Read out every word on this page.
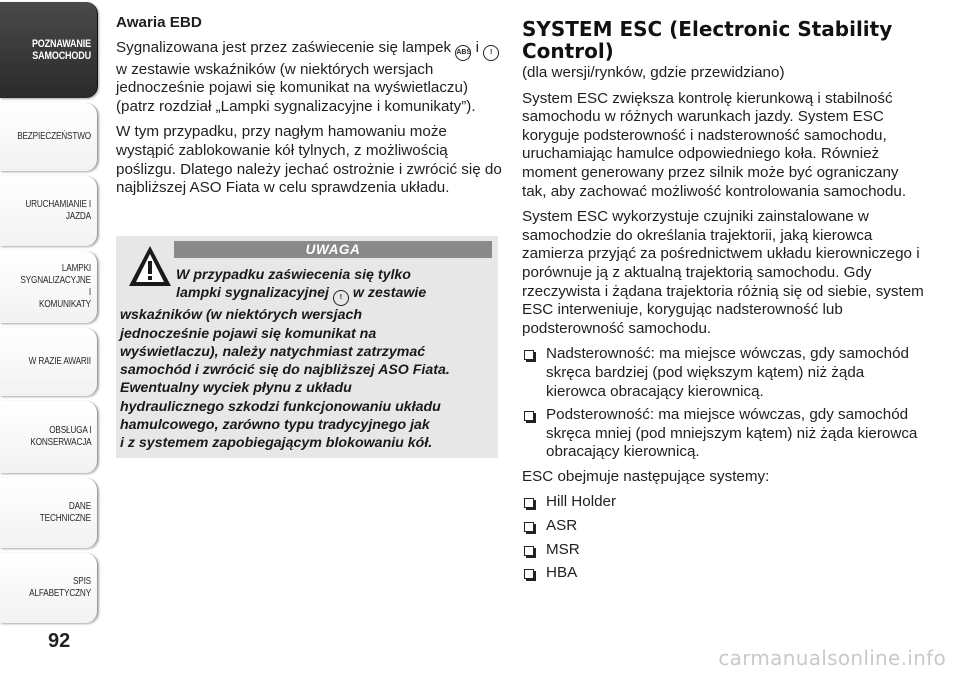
POZNAWANIE
SAMOCHODU
BEZPIECZEŃSTWO
URUCHAMIANIE I
JAZDA
LAMPKI
SYGNALIZACYJNE I
KOMUNIKATY
W RAZIE AWARII
OBSŁUGA I
KONSERWACJA
DANE TECHNICZNE
SPIS ALFABETYCZNY
92
Awaria EBD

Sygnalizowana jest przez zaświecenie się lampek ABS i ! w zestawie wskaźników (w niektórych wersjach jednocześnie pojawi się komunikat na wyświetlaczu) (patrz rozdział „Lampki sygnalizacyjne i komunikaty”).

W tym przypadku, przy nagłym hamowaniu może wystąpić zablokowanie kół tylnych, z możliwością poślizgu. Dlatego należy jechać ostrożnie i zwrócić się do najbliższej ASO Fiata w celu sprawdzenia układu.

UWAGA
W przypadku zaświecenia się tylko
lampki sygnalizacyjnej ! w zestawie
wskaźników (w niektórych wersjach
jednocześnie pojawi się komunikat na
wyświetlaczu), należy natychmiast zatrzymać
samochód i zwrócić się do najbliższej ASO Fiata.
Ewentualny wyciek płynu z układu
hydraulicznego szkodzi funkcjonowaniu układu
hamulcowego, zarówno typu tradycyjnego jak
i z systemem zapobiegającym blokowaniu kół.
SYSTEM ESC (Electronic Stability Control)

(dla wersji/rynków, gdzie przewidziano)

System ESC zwiększa kontrolę kierunkową i stabilność samochodu w różnych warunkach jazdy. System ESC koryguje podsterowność i nadsterowność samochodu, uruchamiając hamulce odpowiedniego koła. Również moment generowany przez silnik może być ograniczany tak, aby zachować możliwość kontrolowania samochodu.

System ESC wykorzystuje czujniki zainstalowane w samochodzie do określania trajektorii, jaką kierowca zamierza przyjąć za pośrednictwem układu kierowniczego i porównuje ją z aktualną trajektorią samochodu. Gdy rzeczywista i żądana trajektoria różnią się od siebie, system ESC interweniuje, korygując nadsterowność lub podsterowność samochodu.

Nadsterowność: ma miejsce wówczas, gdy samochód skręca bardziej (pod większym kątem) niż żąda kierowca obracający kierownicą.
Podsterowność: ma miejsce wówczas, gdy samochód skręca mniej (pod mniejszym kątem) niż żąda kierowca obracający kierownicą.

ESC obejmuje następujące systemy:

Hill Holder
ASR
MSR
HBA
carmanualsonline.info
